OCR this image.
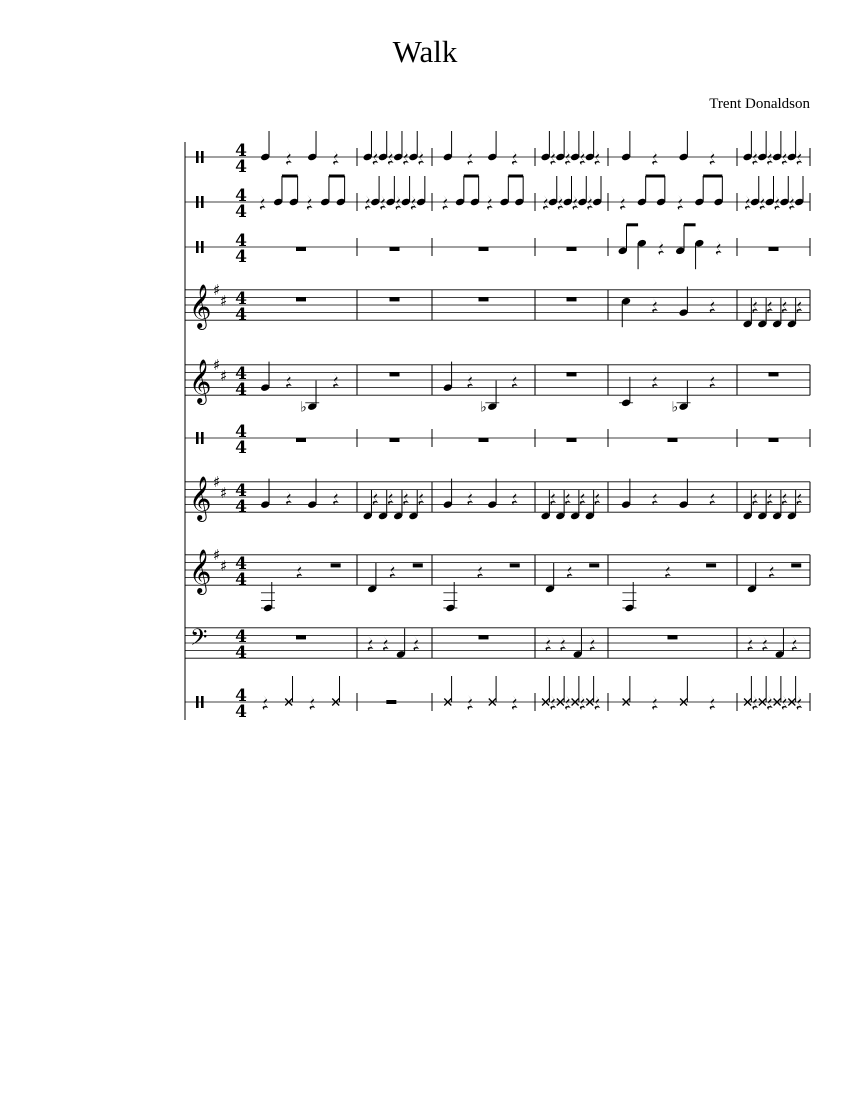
Walk
Trent Donaldson
4
4
4
4
4
4
𝄞 ♯
♯ 4
4
𝄞 ♯
♯ 4
4
♭	♭	♭
4
4
𝄞 ♯
♯ 4
4
𝄞 ♯
♯ 4
4
𝄢 4
4
4
4
